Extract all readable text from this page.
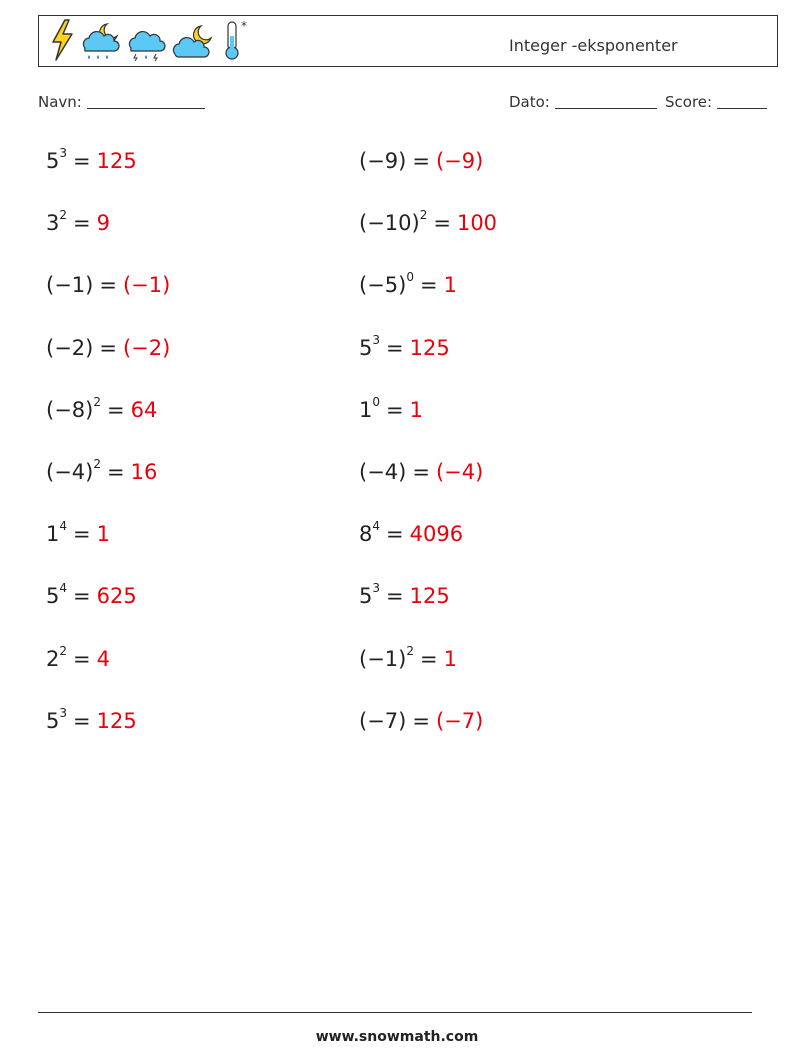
*
Integer -eksponenter
Navn:	Dato:	Score:
$5^3 = 125$	(−9) = (−9)
$3^2 = 9$	$(-10)^2 = 100$
(−1) = (−1)	$(-5)^0 = 1$
(−2) = (−2)	$5^3 = 125$
$(-8)^2 = 64$	$1^0 = 1$
$(-4)^2 = 16$	(−4) = (−4)
$1^4 = 1$	$8^4 = 4096$
$5^4 = 625$	$5^3 = 125$
$2^2 = 4$	$(-1)^2 = 1$
$5^3 = 125$	(−7) = (−7)
www.snowmath.com
